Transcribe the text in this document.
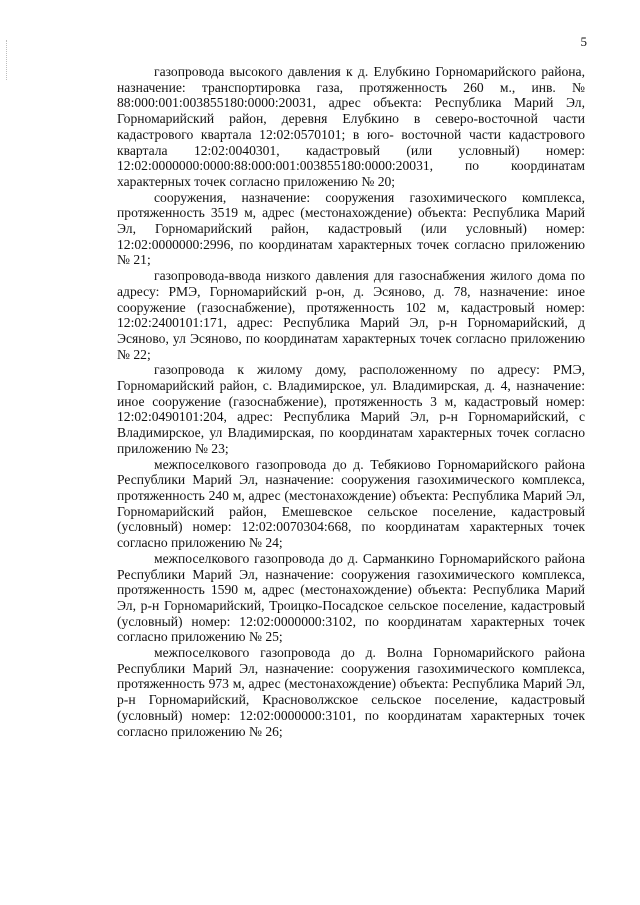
5

газопровода высокого давления к д. Елубкино Горномарийского района, назначение: транспортировка газа, протяженность 260 м., инв. № 88:000:001:003855180:0000:20031, адрес объекта: Республика Марий Эл, Горномарийский район, деревня Елубкино в северо-восточной части кадастрового квартала 12:02:0570101; в юго- восточной части кадастрового квартала 12:02:0040301, кадастровый (или условный) номер: 12:02:0000000:0000:88:000:001:003855180:0000:20031, по координатам характерных точек согласно приложению № 20;

сооружения, назначение: сооружения газохимического комплекса, протяженность 3519 м, адрес (местонахождение) объекта: Республика Марий Эл, Горномарийский район, кадастровый (или условный) номер: 12:02:0000000:2996, по координатам характерных точек согласно приложению № 21;

газопровода-ввода низкого давления для газоснабжения жилого дома по адресу: РМЭ, Горномарийский р-он, д. Эсяново, д. 78, назначение: иное сооружение (газоснабжение), протяженность 102 м, кадастровый номер: 12:02:2400101:171, адрес: Республика Марий Эл, р-н Горномарийский, д Эсяново, ул Эсяново, по координатам характерных точек согласно приложению № 22;

газопровода к жилому дому, расположенному по адресу: РМЭ, Горномарийский район, с. Владимирское, ул. Владимирская, д. 4, назначение: иное сооружение (газоснабжение), протяженность 3 м, кадастровый номер: 12:02:0490101:204, адрес: Республика Марий Эл, р-н Горномарийский, с Владимирское, ул Владимирская, по координатам характерных точек согласно приложению № 23;

межпоселкового газопровода до д. Тебякиово Горномарийского района Республики Марий Эл, назначение: сооружения газохимического комплекса, протяженность 240 м, адрес (местонахождение) объекта: Республика Марий Эл, Горномарийский район, Емешевское сельское поселение, кадастровый (условный) номер: 12:02:0070304:668, по координатам характерных точек согласно приложению № 24;

межпоселкового газопровода до д. Сарманкино Горномарийского района Республики Марий Эл, назначение: сооружения газохимического комплекса, протяженность 1590 м, адрес (местонахождение) объекта: Республика Марий Эл, р-н Горномарийский, Троицко-Посадское сельское поселение, кадастровый (условный) номер: 12:02:0000000:3102, по координатам характерных точек согласно приложению № 25;

межпоселкового газопровода до д. Волна Горномарийского района Республики Марий Эл, назначение: сооружения газохимического комплекса, протяженность 973 м, адрес (местонахождение) объекта: Республика Марий Эл, р-н Горномарийский, Красноволжское сельское поселение, кадастровый (условный) номер: 12:02:0000000:3101, по координатам характерных точек согласно приложению № 26;
